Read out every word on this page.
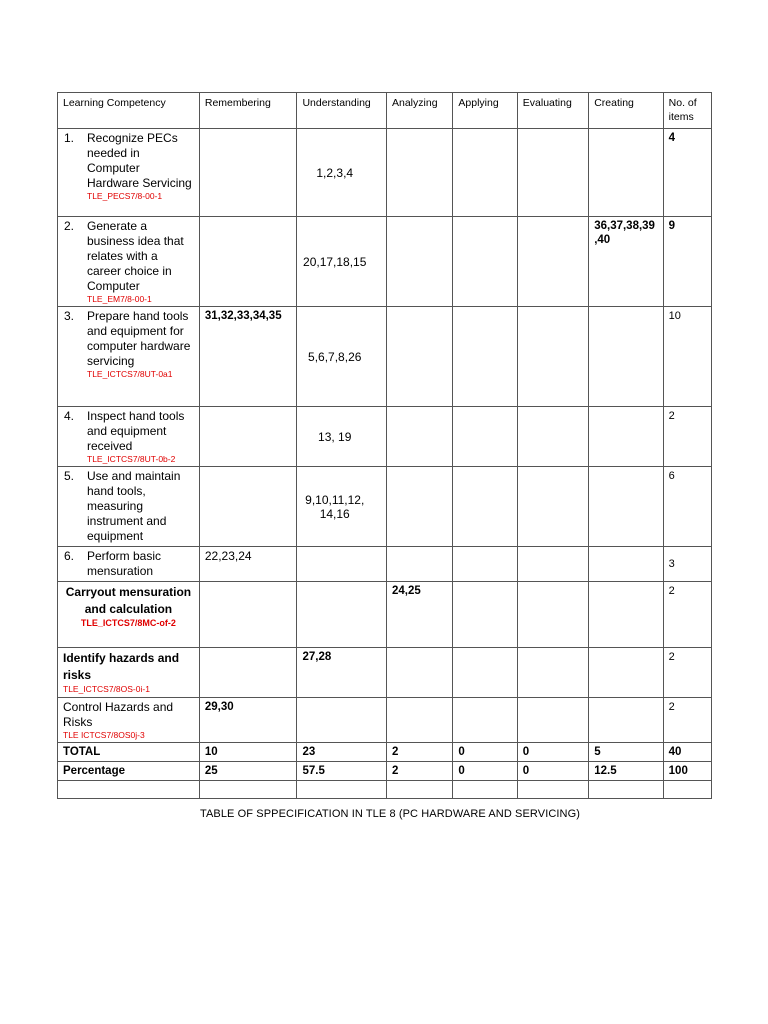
Learning Competency	Remembering	Understanding	Analyzing	Applying	Evaluating	Creating	No. of items

1. Recognize PECs needed in Computer Hardware Servicing
TLE_PECS7/8-00-1		1,2,3,4					4

2. Generate a business idea that relates with a career choice in Computer
TLE_EM7/8-00-1		20,17,18,15				36,37,38,39 ,40	9

3. Prepare hand tools and equipment for computer hardware servicing
TLE_ICTCS7/8UT-0a1	31,32,33,34,35	5,6,7,8,26					10

4. Inspect hand tools and equipment received
TLE_ICTCS7/8UT-0b-2		13, 19					2

5. Use and maintain hand tools, measuring instrument and equipment		9,10,11,12, 14,16					6

6. Perform basic mensuration	22,23,24						3

Carryout mensuration and calculation
TLE_ICTCS7/8MC-of-2			24,25				2

Identify hazards and risks
TLE_ICTCS7/8OS-0i-1		27,28					2

Control Hazards and Risks
TLE ICTCS7/8OS0j-3	29,30						2
TOTAL	10	23	2	0	0	5	40
Percentage	25	57.5	2	0	0	12.5	100

TABLE OF SPPECIFICATION IN TLE 8 (PC HARDWARE AND SERVICING)
